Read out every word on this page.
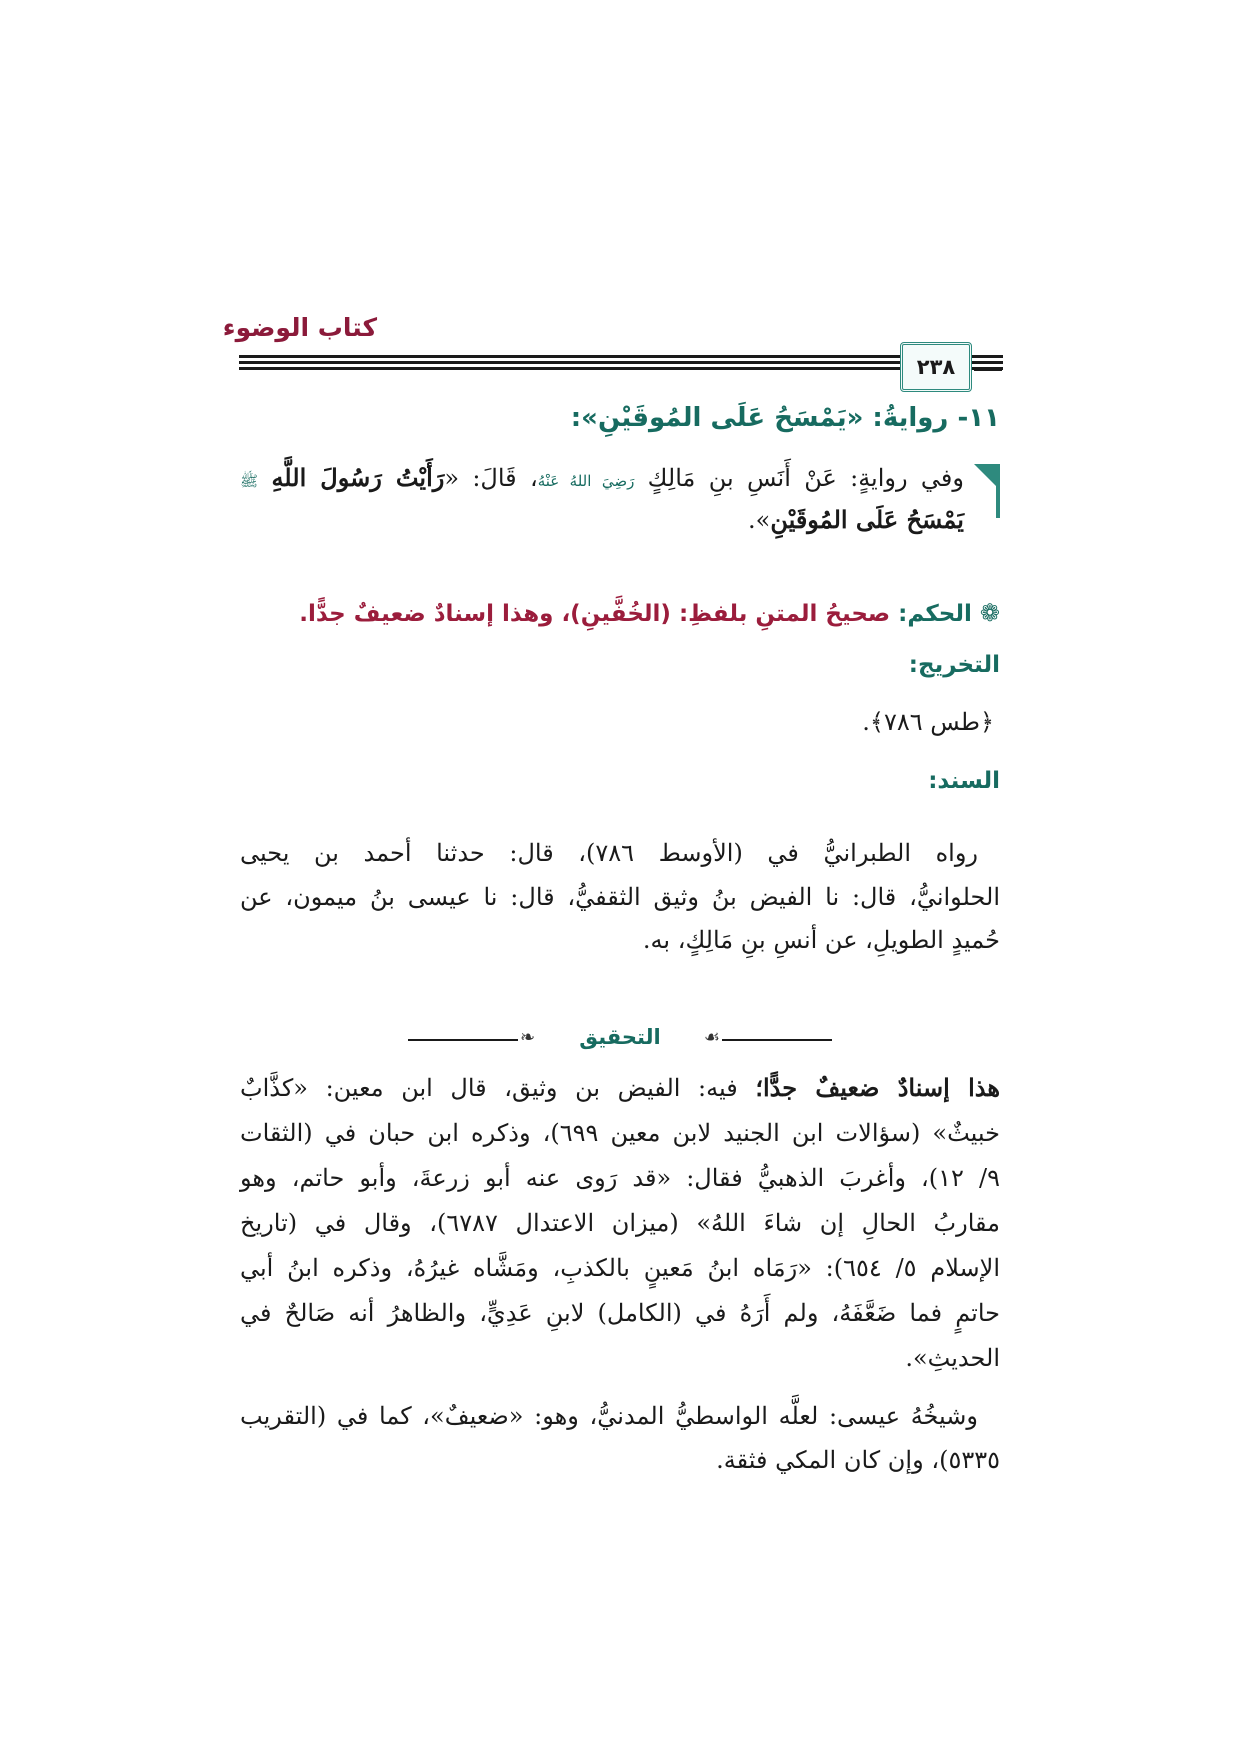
كتاب الوضوء
٢٣٨
١١- روايةُ: «يَمْسَحُ عَلَى المُوقَيْنِ»:
وفي روايةٍ: عَنْ أَنَسِ بنِ مَالِكٍ رَضِيَ اللهُ عَنْهُ، قَالَ: «رَأَيْتُ رَسُولَ اللَّهِ ﷺ
يَمْسَحُ عَلَى المُوقَيْنِ».
❁الحكم: صحيحُ المتنِ بلفظِ: (الخُفَّينِ)، وهذا إسنادٌ ضعيفٌ جدًّا.
التخريج:
﴿طس ٧٨٦﴾.
السند:
رواه الطبرانيُّ في (الأوسط ٧٨٦)، قال: حدثنا أحمد بن يحيى
الحلوانيُّ، قال: نا الفيض بنُ وثيق الثقفيُّ، قال: نا عيسى بنُ ميمون، عن
حُميدٍ الطويلِ، عن أنسِ بنِ مَالِكٍ، به.
❧	☙
التحقيق
هذا إسنادٌ ضعيفٌ جدًّا؛ فيه: الفيض بن وثيق، قال ابن معين: «كذَّابٌ
خبيثٌ» (سؤالات ابن الجنيد لابن معين ٦٩٩)، وذكره ابن حبان في (الثقات
٩/ ١٢)، وأغربَ الذهبيُّ فقال: «قد رَوى عنه أبو زرعةَ، وأبو حاتم، وهو
مقاربُ الحالِ إن شاءَ اللهُ» (ميزان الاعتدال ٦٧٨٧)، وقال في (تاريخ
الإسلام ٥/ ٦٥٤): «رَمَاه ابنُ مَعينٍ بالكذبِ، ومَشَّاه غيرُهُ، وذكره ابنُ أبي
حاتمٍ فما ضَعَّفَهُ، ولم أَرَهُ في (الكامل) لابنِ عَدِيٍّ، والظاهرُ أنه صَالحٌ في
الحديثِ».
وشيخُهُ عيسى: لعلَّه الواسطيُّ المدنيُّ، وهو: «ضعيفٌ»، كما في (التقريب
٥٣٣٥)، وإن كان المكي فثقة.
